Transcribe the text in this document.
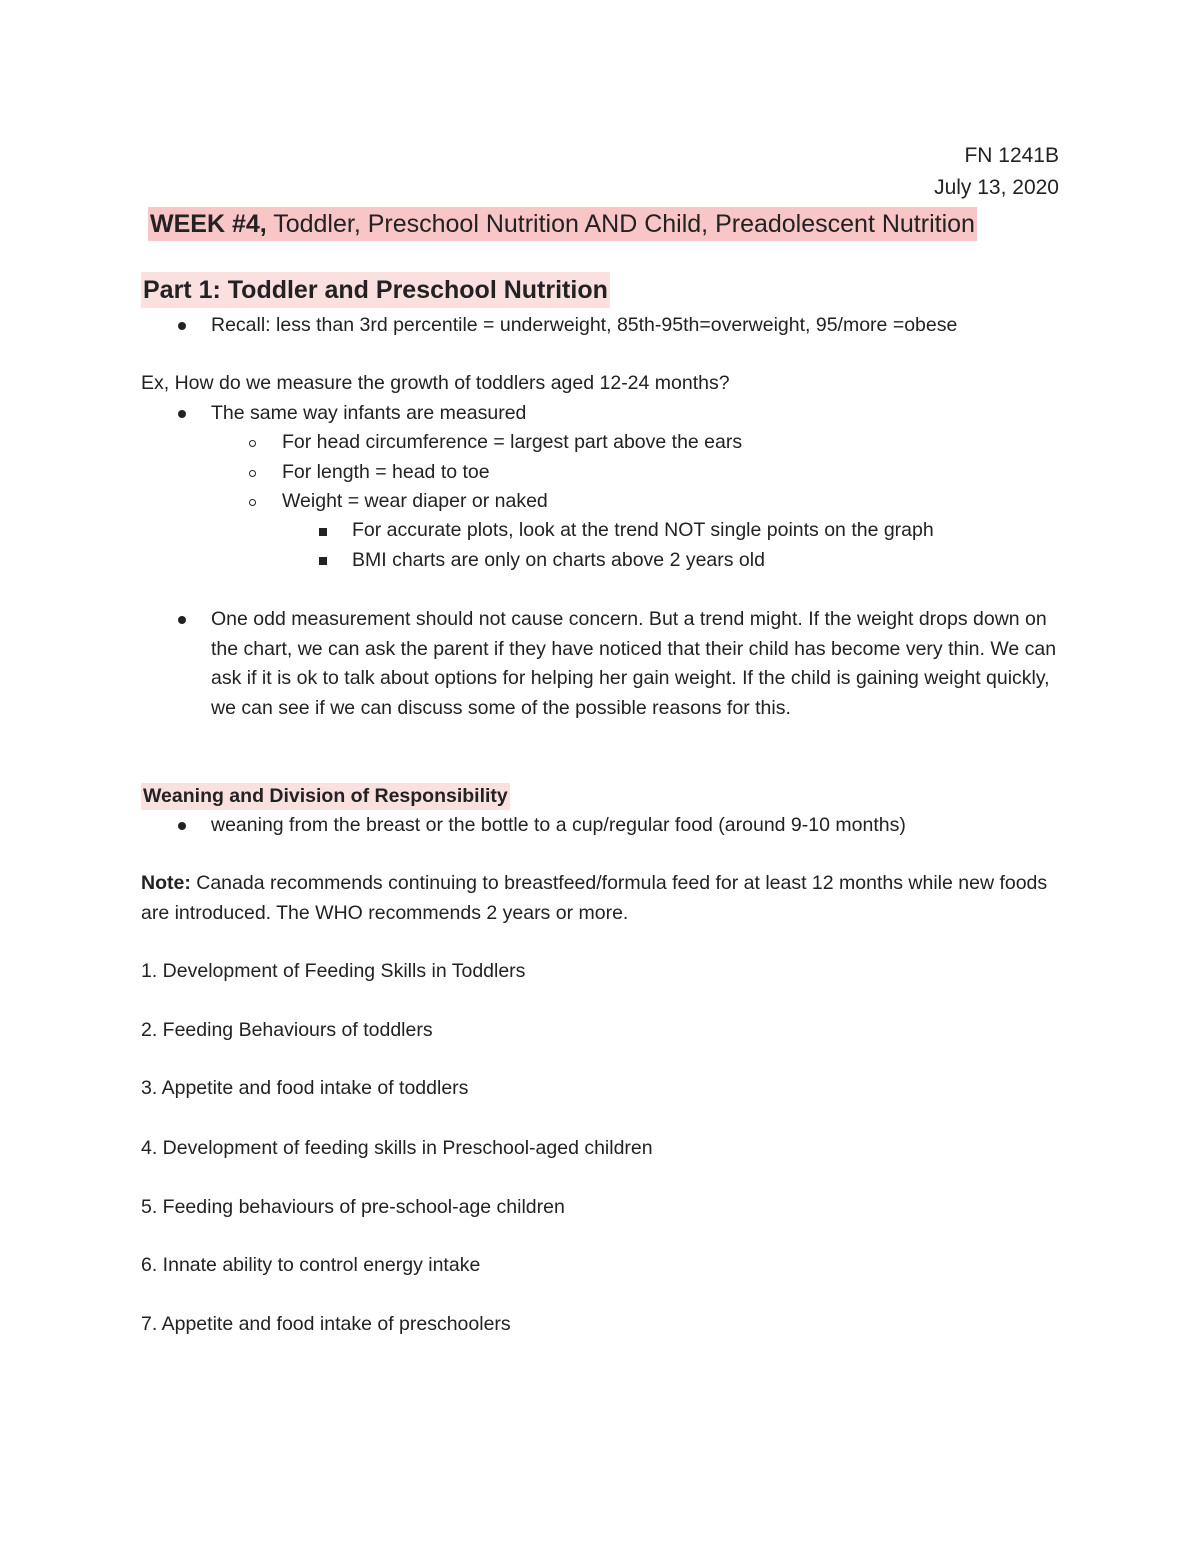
FN 1241B
July 13, 2020
WEEK #4, Toddler, Preschool Nutrition AND Child, Preadolescent Nutrition
Part 1: Toddler and Preschool Nutrition
Recall: less than 3rd percentile = underweight, 85th-95th=overweight, 95/more =obese
Ex, How do we measure the growth of toddlers aged 12-24 months?
The same way infants are measured
For head circumference = largest part above the ears
For length = head to toe
Weight = wear diaper or naked
For accurate plots, look at the trend NOT single points on the graph
BMI charts are only on charts above 2 years old
One odd measurement should not cause concern. But a trend might. If the weight drops down on the chart, we can ask the parent if they have noticed that their child has become very thin. We can ask if it is ok to talk about options for helping her gain weight. If the child is gaining weight quickly, we can see if we can discuss some of the possible reasons for this.
Weaning and Division of Responsibility
weaning from the breast or the bottle to a cup/regular food (around 9-10 months)
Note: Canada recommends continuing to breastfeed/formula feed for at least 12 months while new foods are introduced. The WHO recommends 2 years or more.
1. Development of Feeding Skills in Toddlers
2. Feeding Behaviours of toddlers
3. Appetite and food intake of toddlers
4. Development of feeding skills in Preschool-aged children
5. Feeding behaviours of pre-school-age children
6. Innate ability to control energy intake
7. Appetite and food intake of preschoolers
